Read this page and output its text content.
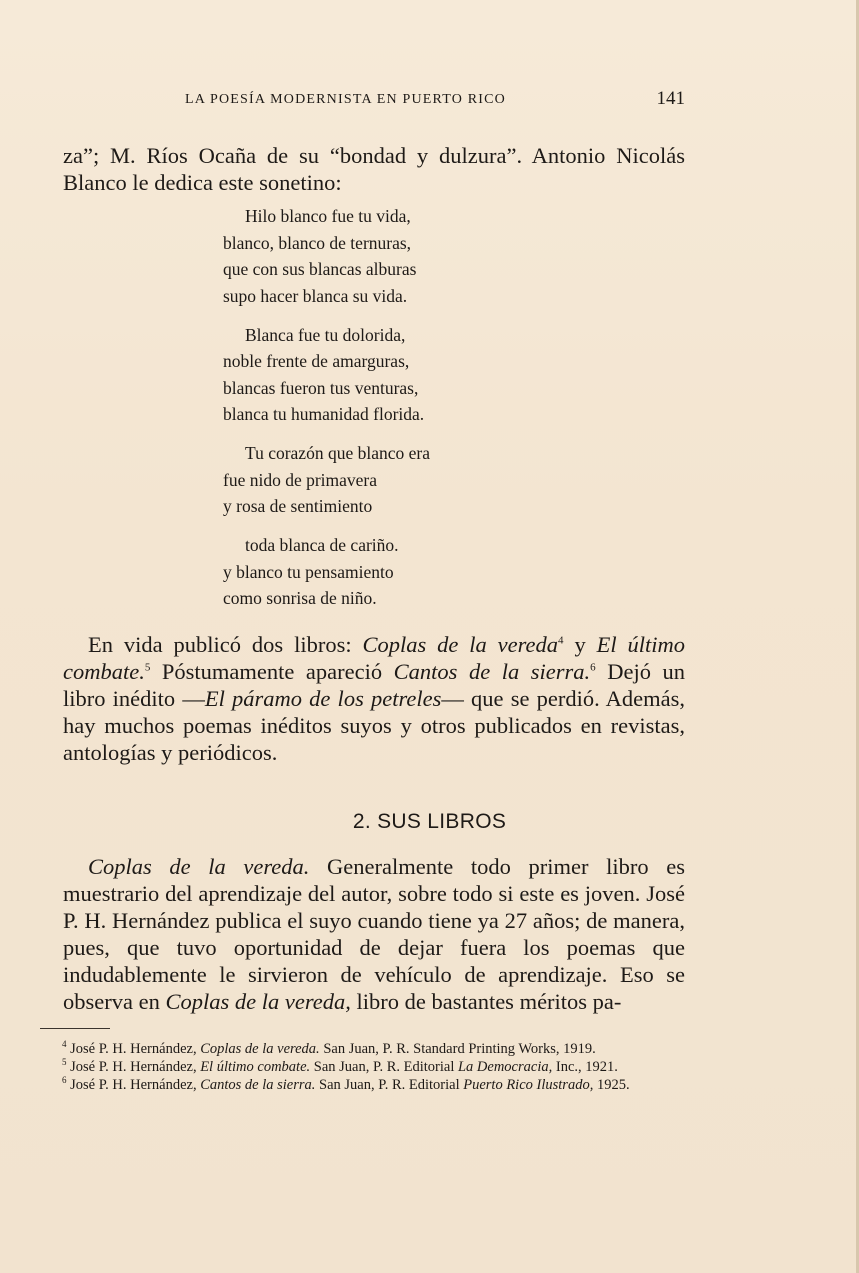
LA POESÍA MODERNISTA EN PUERTO RICO	141
za”; M. Ríos Ocaña de su “bondad y dulzura”. Antonio Nicolás Blanco le dedica este sonetino:
Hilo blanco fue tu vida,
blanco, blanco de ternuras,
que con sus blancas alburas
supo hacer blanca su vida.
Blanca fue tu dolorida,
noble frente de amarguras,
blancas fueron tus venturas,
blanca tu humanidad florida.
Tu corazón que blanco era
fue nido de primavera
y rosa de sentimiento
toda blanca de cariño.
y blanco tu pensamiento
como sonrisa de niño.
En vida publicó dos libros: Coplas de la vereda$^4$ y El último combate.$^5$ Póstumamente apareció Cantos de la sierra.$^6$ Dejó un libro inédito —El páramo de los petreles— que se perdió. Además, hay muchos poemas inéditos suyos y otros publicados en revistas, antologías y periódicos.
2. SUS LIBROS
Coplas de la vereda. Generalmente todo primer libro es muestrario del aprendizaje del autor, sobre todo si este es joven. José P. H. Hernández publica el suyo cuando tiene ya 27 años; de manera, pues, que tuvo oportunidad de dejar fuera los poemas que indudablemente le sirvieron de vehículo de aprendizaje. Eso se observa en Coplas de la vereda, libro de bastantes méritos pa-

$^4$ José P. H. Hernández, Coplas de la vereda. San Juan, P. R. Standard Printing Works, 1919.

$^5$ José P. H. Hernández, El último combate. San Juan, P. R. Editorial La Democracia, Inc., 1921.

$^6$ José P. H. Hernández, Cantos de la sierra. San Juan, P. R. Editorial Puerto Rico Ilustrado, 1925.
